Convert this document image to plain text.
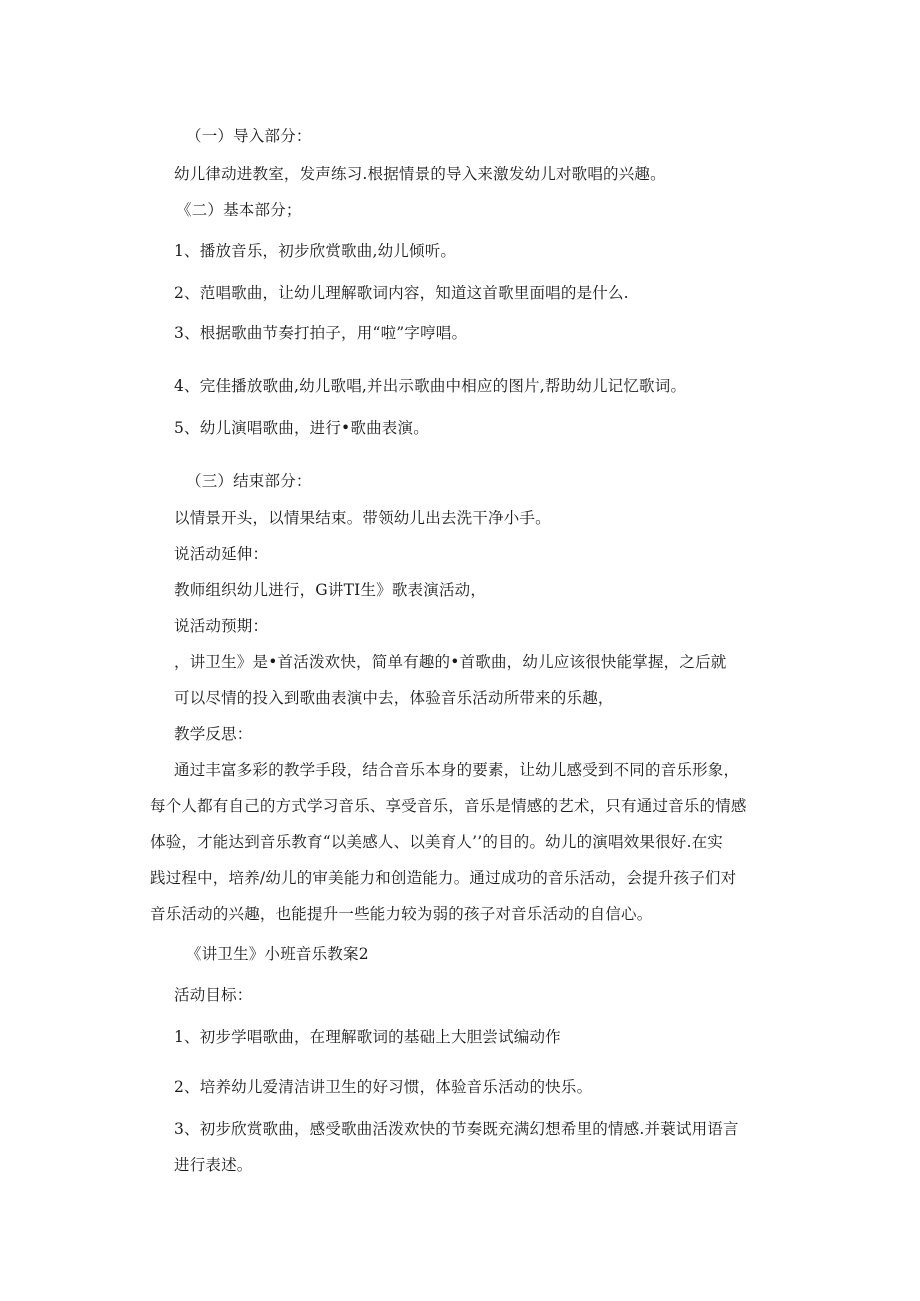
（一）导入部分：
幼儿律动进教室，发声练习.根据情景的导入来激发幼儿对歌唱的兴趣。
《二）基本部分；
1、播放音乐，初步欣赏歌曲,幼儿倾听。
2、范唱歌曲，让幼儿理解歌词内容，知道这首歌里面唱的是什么.
3、根据歌曲节奏打拍子，用“啦”字哼唱。
4、完佳播放歌曲,幼儿歌唱,并出示歌曲中相应的图片,帮助幼儿记忆歌词。
5、幼儿演唱歌曲，进行•歌曲表演。
（三）结束部分：
以情景开头，以情果结束。带领幼儿出去洗干净小手。
说活动延伸：
教师组织幼儿进行，G讲TI生》歌表演活动，
说活动预期：
，讲卫生》是•首活泼欢快，简单有趣的•首歌曲，幼儿应该很快能掌握，之后就
可以尽情的投入到歌曲表演中去，体验音乐活动所带来的乐趣，
教学反思：
通过丰富多彩的教学手段，结合音乐本身的要素，让幼儿感受到不同的音乐形象，
每个人都有自己的方式学习音乐、享受音乐，音乐是情感的艺术，只有通过音乐的情感
体验，才能达到音乐教育“以美感人、以美育人’’的目的。幼儿的演唱效果很好.在实
践过程中，培养/幼儿的审美能力和创造能力。通过成功的音乐活动，会提升孩子们对
音乐活动的兴趣，也能提升一些能力较为弱的孩子对音乐活动的自信心。
《讲卫生》小班音乐教案2
活动目标：
1、初步学唱歌曲，在理解歌词的基础上大胆尝试编动作
2、培养幼儿爱清洁讲卫生的好习惯，体验音乐活动的快乐。
3、初步欣赏歌曲，感受歌曲活泼欢快的节奏既充满幻想希里的情感.并蓑试用语言
进行表述。
